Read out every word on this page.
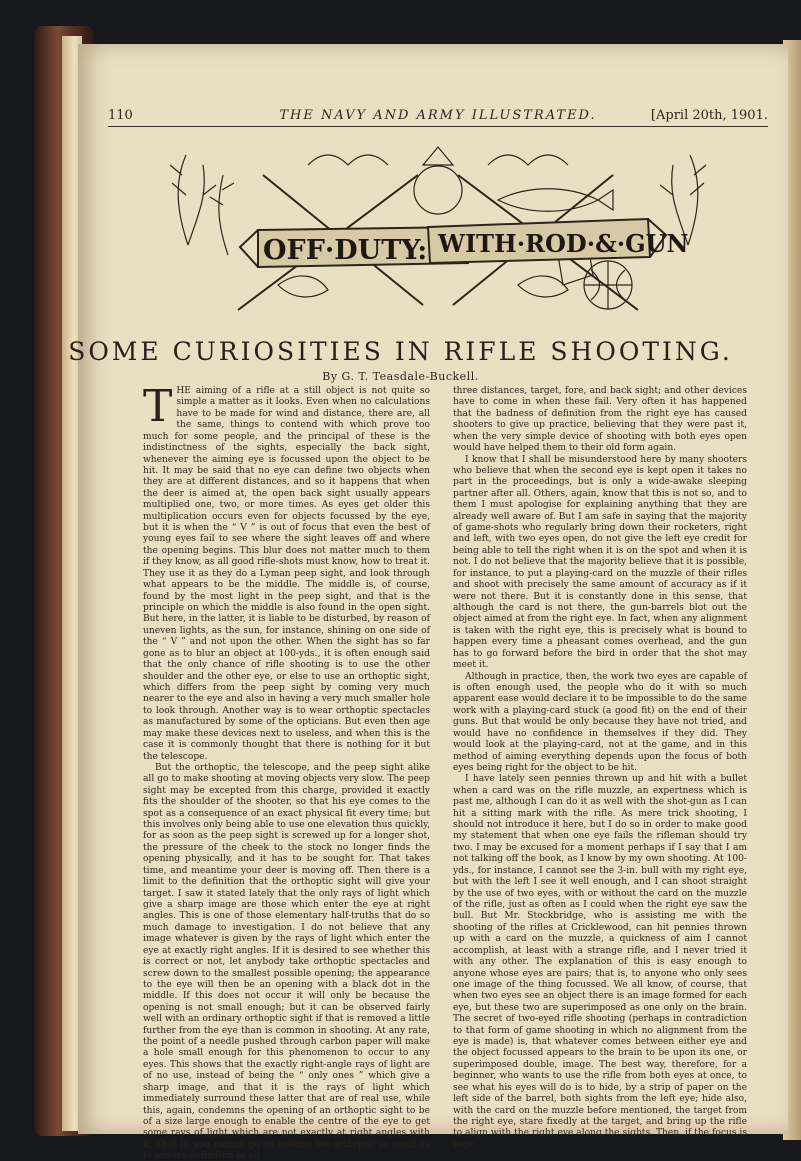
110	THE NAVY AND ARMY ILLUSTRATED.	[April 20th, 1901.
OFF·DUTY: WITH·ROD·&·GUN
SOME CURIOSITIES IN RIFLE SHOOTING.
By G. T. Teasdale-Buckell.
T HE aiming of a rifle at a still object is not quite so simple a matter as it looks. Even when no calculations have to be made for wind and distance, there are, all the same, things to contend with which prove too much for some people, and the principal of these is the indistinctness of the sights, especially the back sight, whenever the aiming eye is focussed upon the object to be hit. It may be said that no eye can define two objects when they are at different distances, and so it happens that when the deer is aimed at, the open back sight usually appears multiplied one, two, or more times. As eyes get older this multiplication occurs even for objects focussed by the eye, but it is when the “ V ” is out of focus that even the best of young eyes fail to see where the sight leaves off and where the opening begins. This blur does not matter much to them if they know, as all good rifle-shots must know, how to treat it. They use it as they do a Lyman peep sight, and look through what appears to be the middle. The middle is, of course, found by the most light in the peep sight, and that is the principle on which the middle is also found in the open sight. But here, in the latter, it is liable to be disturbed, by reason of uneven lights, as the sun, for instance, shining on one side of the “ V ” and not upon the other. When the sight has so far gone as to blur an object at 100-yds., it is often enough said that the only chance of rifle shooting is to use the other shoulder and the other eye, or else to use an orthoptic sight, which differs from the peep sight by coming very much nearer to the eye and also in having a very much smaller hole to look through. Another way is to wear orthoptic spectacles as manufactured by some of the opticians. But even then age may make these devices next to useless, and when this is the case it is commonly thought that there is nothing for it but the telescope.

But the orthoptic, the telescope, and the peep sight alike all go to make shooting at moving objects very slow. The peep sight may be excepted from this charge, provided it exactly fits the shoulder of the shooter, so that his eye comes to the spot as a consequence of an exact physical fit every time; but this involves only being able to use one elevation thus quickly, for as soon as the peep sight is screwed up for a longer shot, the pressure of the cheek to the stock no longer finds the opening physically, and it has to be sought for. That takes time, and meantime your deer is moving off. Then there is a limit to the definition that the orthoptic sight will give your target. I saw it stated lately that the only rays of light which give a sharp image are those which enter the eye at right angles. This is one of those elementary half-truths that do so much damage to investigation. I do not believe that any image whatever is given by the rays of light which enter the eye at exactly right angles. If it is desired to see whether this is correct or not, let anybody take orthoptic spectacles and screw down to the smallest possible opening; the appearance to the eye will then be an opening with a black dot in the middle. If this does not occur it will only be because the opening is not small enough; but it can be observed fairly well with an ordinary orthoptic sight if that is removed a little further from the eye than is common in shooting. At any rate, the point of a needle pushed through carbon paper will make a hole small enough for this phenomenon to occur to any eyes. This shows that the exactly right-angle rays of light are of no use, instead of being the “ only ones ” which give a sharp image, and that it is the rays of light which immediately surround these latter that are of real use, while this, again, condemns the opening of an orthoptic sight to be of a size large enough to enable the centre of the eye to get some rays of light which are not exactly at right angles with it. That is, you cannot go on making the orthoptic so small as to ensure definition at all

three distances, target, fore, and back sight; and other devices have to come in when these fail. Very often it has happened that the badness of definition from the right eye has caused shooters to give up practice, believing that they were past it, when the very simple device of shooting with both eyes open would have helped them to their old form again.

I know that I shall be misunderstood here by many shooters who believe that when the second eye is kept open it takes no part in the proceedings, but is only a wide-awake sleeping partner after all. Others, again, know that this is not so, and to them I must apologise for explaining anything that they are already well aware of. But I am safe in saying that the majority of game-shots who regularly bring down their rocketers, right and left, with two eyes open, do not give the left eye credit for being able to tell the right when it is on the spot and when it is not. I do not believe that the majority believe that it is possible, for instance, to put a playing-card on the muzzle of their rifles and shoot with precisely the same amount of accuracy as if it were not there. But it is constantly done in this sense, that although the card is not there, the gun-barrels blot out the object aimed at from the right eye. In fact, when any alignment is taken with the right eye, this is precisely what is bound to happen every time a pheasant comes overhead, and the gun has to go forward before the bird in order that the shot may meet it.

Although in practice, then, the work two eyes are capable of is often enough used, the people who do it with so much apparent ease would declare it to be impossible to do the same work with a playing-card stuck (a good fit) on the end of their guns. But that would be only because they have not tried, and would have no confidence in themselves if they did. They would look at the playing-card, not at the game, and in this method of aiming everything depends upon the focus of both eyes being right for the object to be hit.

I have lately seen pennies thrown up and hit with a bullet when a card was on the rifle muzzle, an expertness which is past me, although I can do it as well with the shot-gun as I can hit a sitting mark with the rifle. As mere trick shooting, I should not introduce it here, but I do so in order to make good my statement that when one eye fails the rifleman should try two. I may be excused for a moment perhaps if I say that I am not talking off the book, as I know by my own shooting. At 100-yds., for instance, I cannot see the 3-in. bull with my right eye, but with the left I see it well enough, and I can shoot straight by the use of two eyes, with or without the card on the muzzle of the rifle, just as often as I could when the right eye saw the bull. But Mr. Stockbridge, who is assisting me with the shooting of the rifles at Cricklewood, can hit pennies thrown up with a card on the muzzle, a quickness of aim I cannot accomplish, at least with a strange rifle, and I never tried it with any other. The explanation of this is easy enough to anyone whose eyes are pairs; that is, to anyone who only sees one image of the thing focussed. We all know, of course, that when two eyes see an object there is an image formed for each eye, but these two are superimposed as one only on the brain. The secret of two-eyed rifle shooting (perhaps in contradiction to that form of game shooting in which no alignment from the eye is made) is, that whatever comes between either eye and the object focussed appears to the brain to be upon its one, or superimposed double, image. The best way, therefore, for a beginner, who wants to use the rifle from both eyes at once, to see what his eyes will do is to hide, by a strip of paper on the left side of the barrel, both sights from the left eye; hide also, with the card on the muzzle before mentioned, the target from the right eye, stare fixedly at the target, and bring up the rifle to align with the right eye along the sights. Then, if the focus is kept
